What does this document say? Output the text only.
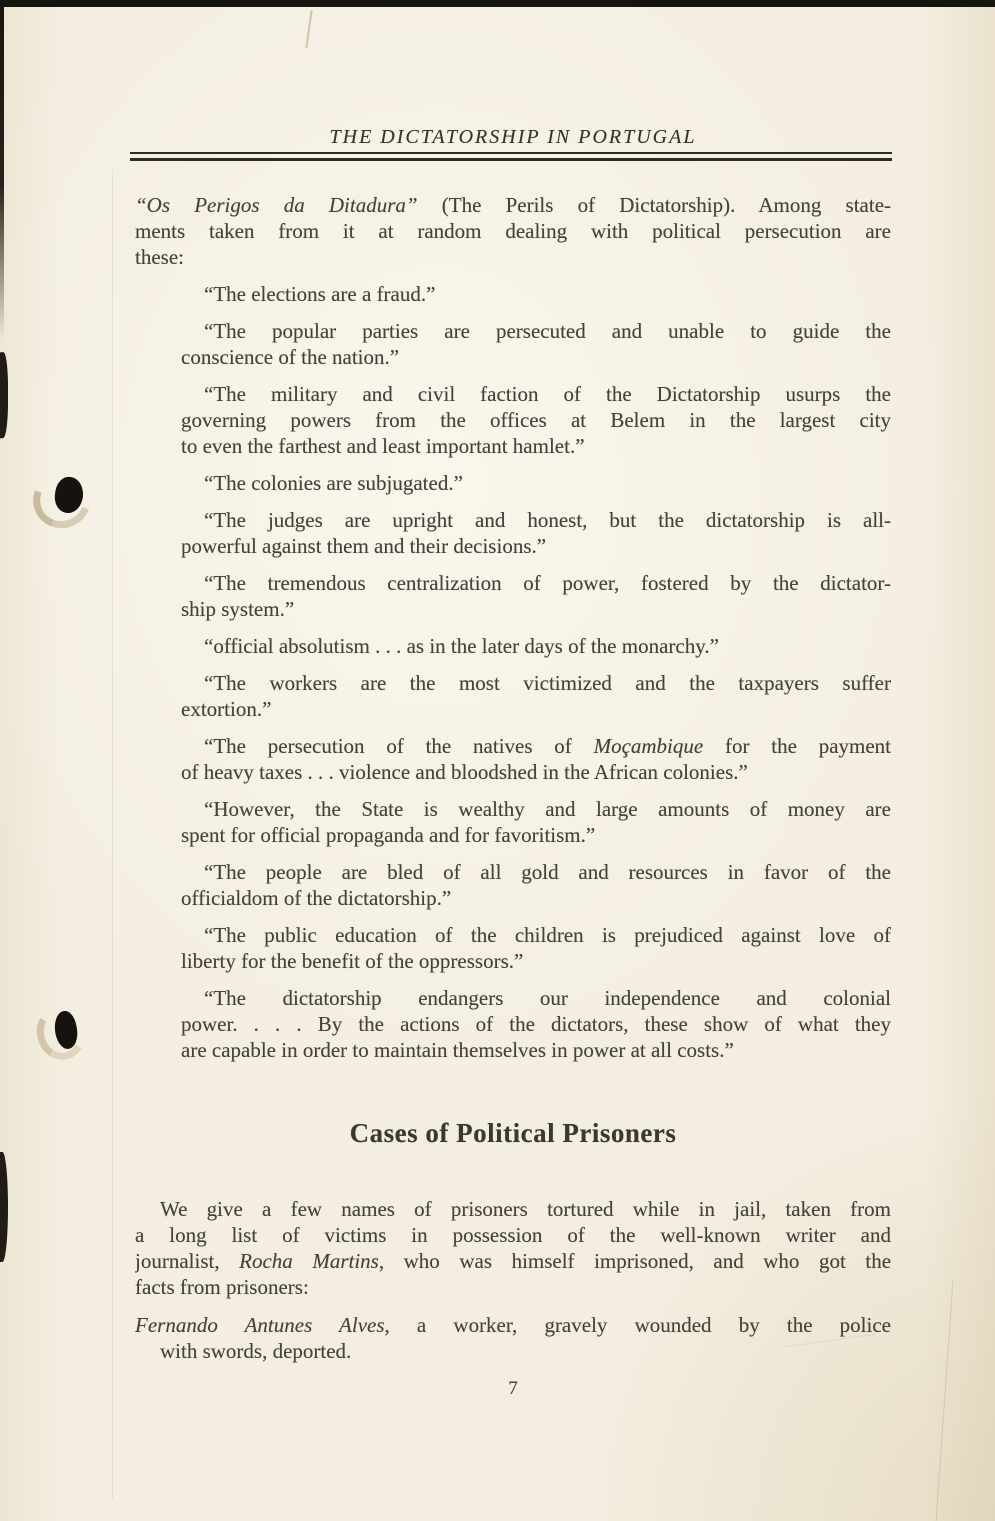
THE DICTATORSHIP IN PORTUGAL
“Os Perigos da Ditadura” (The Perils of Dictatorship). Among state-
ments taken from it at random dealing with political persecution are
these:
“The elections are a fraud.”
“The popular parties are persecuted and unable to guide the
conscience of the nation.”
“The military and civil faction of the Dictatorship usurps the
governing powers from the offices at Belem in the largest city
to even the farthest and least important hamlet.”
“The colonies are subjugated.”
“The judges are upright and honest, but the dictatorship is all-
powerful against them and their decisions.”
“The tremendous centralization of power, fostered by the dictator-
ship system.”
“official absolutism . . . as in the later days of the monarchy.”
“The workers are the most victimized and the taxpayers suffer
extortion.”
“The persecution of the natives of Moçambique for the payment
of heavy taxes . . . violence and bloodshed in the African colonies.”
“However, the State is wealthy and large amounts of money are
spent for official propaganda and for favoritism.”
“The people are bled of all gold and resources in favor of the
officialdom of the dictatorship.”
“The public education of the children is prejudiced against love of
liberty for the benefit of the oppressors.”
“The dictatorship endangers our independence and colonial
power. . . . By the actions of the dictators, these show of what they
are capable in order to maintain themselves in power at all costs.”
Cases of Political Prisoners
We give a few names of prisoners tortured while in jail, taken from
a long list of victims in possession of the well-known writer and
journalist, Rocha Martins, who was himself imprisoned, and who got the
facts from prisoners:
Fernando Antunes Alves, a worker, gravely wounded by the police
with swords, deported.
7
